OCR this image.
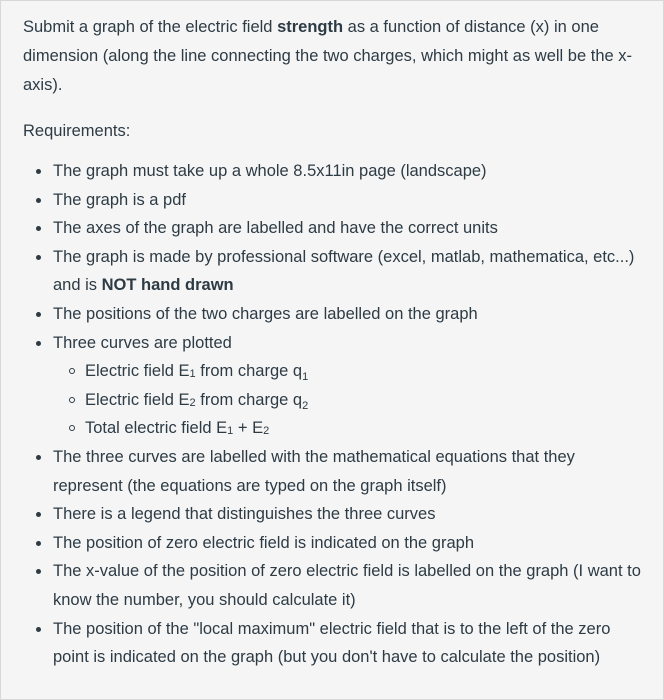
Submit a graph of the electric field strength as a function of distance (x) in one dimension (along the line connecting the two charges, which might as well be the x-axis).

Requirements:

The graph must take up a whole 8.5x11in page (landscape)
The graph is a pdf
The axes of the graph are labelled and have the correct units
The graph is made by professional software (excel, matlab, mathematica, etc...) and is NOT hand drawn
The positions of the two charges are labelled on the graph
Three curves are plotted
Electric field $E_1$ from charge $q_1$
Electric field $E_2$ from charge $q_2$
Total electric field $E_1 + E_2$
The three curves are labelled with the mathematical equations that they represent (the equations are typed on the graph itself)
There is a legend that distinguishes the three curves
The position of zero electric field is indicated on the graph
The x-value of the position of zero electric field is labelled on the graph (I want to know the number, you should calculate it)
The position of the "local maximum" electric field that is to the left of the zero point is indicated on the graph (but you don't have to calculate the position)
